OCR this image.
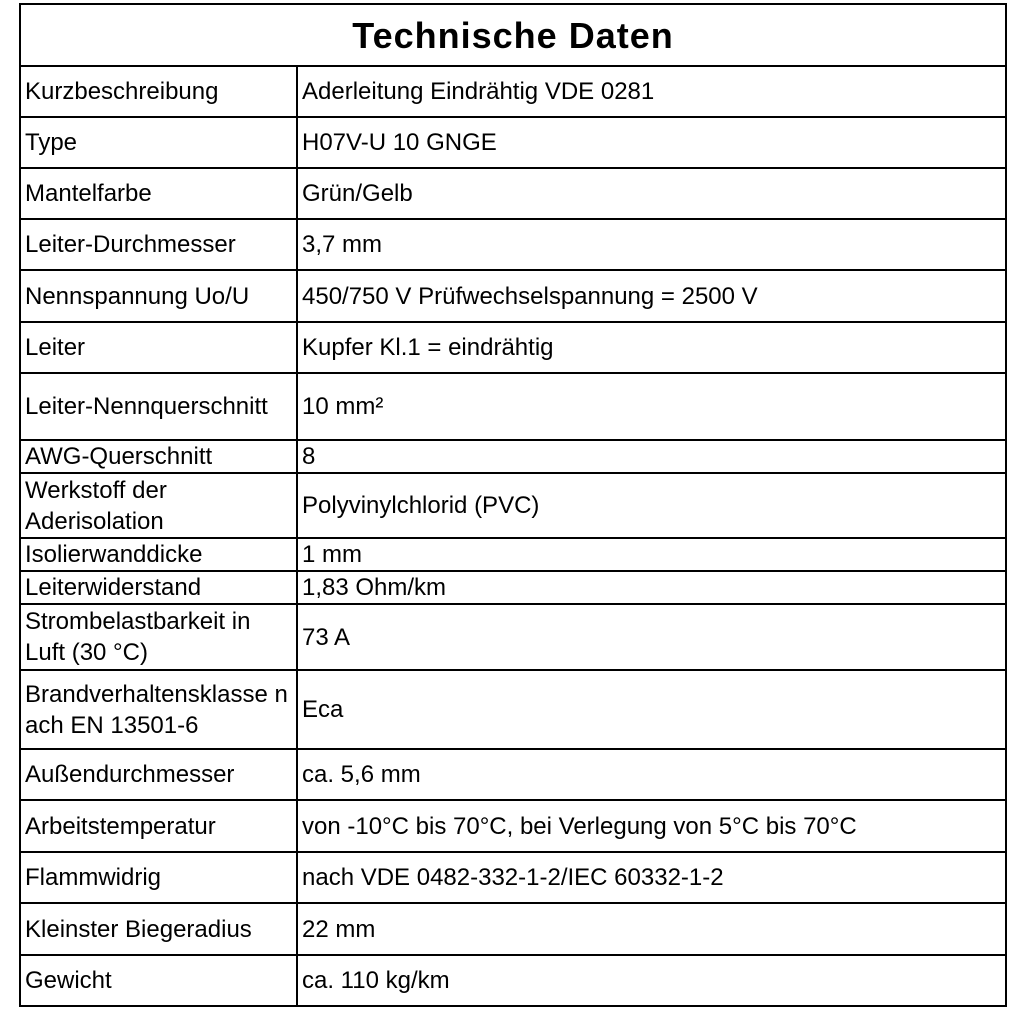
Technische Daten	
Kurzbeschreibung	Aderleitung Eindrähtig VDE 0281
Type	H07V-U 10 GNGE
Mantelfarbe	Grün/Gelb
Leiter-Durchmesser	3,7 mm
Nennspannung Uo/U	450/750 V Prüfwechselspannung = 2500 V
Leiter	Kupfer Kl.1 = eindrähtig
Leiter-Nennquerschnitt	10 mm²
AWG-Querschnitt	8
Werkstoff der Aderisolation	Polyvinylchlorid (PVC)
Isolierwanddicke	1 mm
Leiterwiderstand	1,83 Ohm/km
Strombelastbarkeit in Luft (30 °C)	73 A
Brandverhaltensklasse nach EN 13501-6	Eca
Außendurchmesser	ca. 5,6 mm
Arbeitstemperatur	von -10°C bis 70°C, bei Verlegung von 5°C bis 70°C
Flammwidrig	nach VDE 0482-332-1-2/IEC 60332-1-2
Kleinster Biegeradius	22 mm
Gewicht	ca. 110 kg/km
